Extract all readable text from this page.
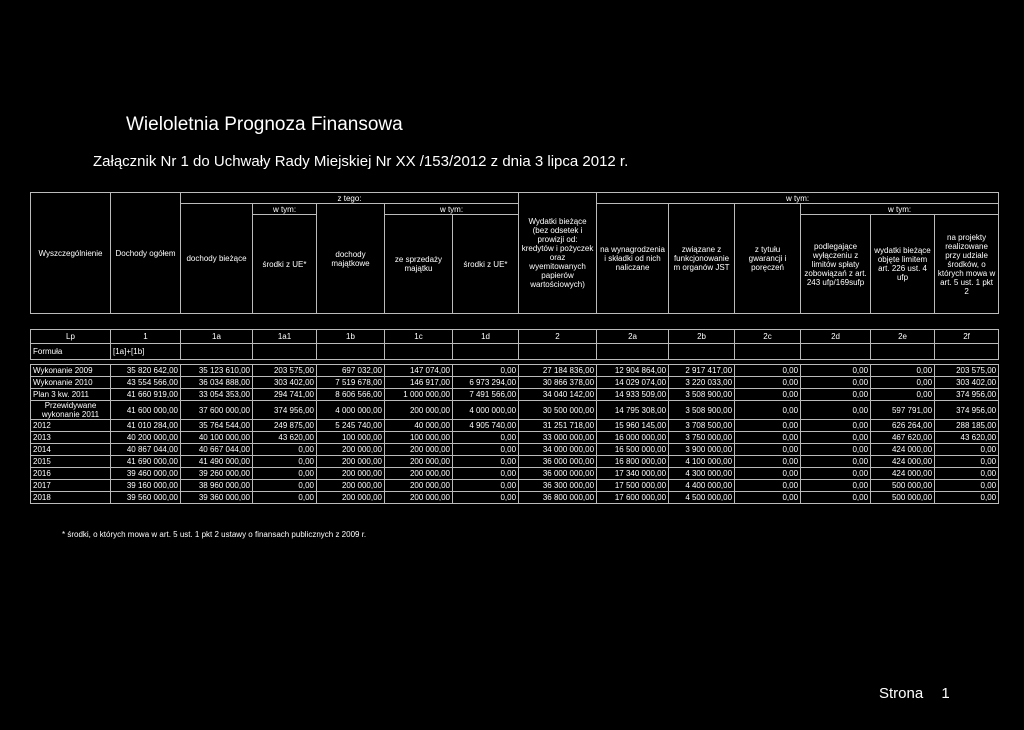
Wieloletnia Prognoza Finansowa
Załącznik Nr 1 do Uchwały Rady Miejskiej Nr XX /153/2012 z dnia 3 lipca 2012 r.
Wyszczególnienie	Dochody ogółem	z tego:					Wydatki bieżące (bez odsetek i prowizji od: kredytów i pożyczek oraz wyemitowanych papierów wartościowych)	w tym:					
		dochody bieżące	w tym:	dochody majątkowe	w tym:			na wynagrodzenia i składki od nich naliczane	związane z funkcjonowanie m organów JST	z tytułu gwarancji i poręczeń	w tym:		
			środki z UE*		ze sprzedaży majątku	środki z UE*					podlegające wyłączeniu z limitów spłaty zobowiązań z art. 243 ufp/169sufp	wydatki bieżące objęte limitem art. 226 ust. 4 ufp	na projekty realizowane przy udziale środków, o których mowa w art. 5 ust. 1 pkt 2

Lp	1	1a	1a1	1b	1c	1d	2	2a	2b	2c	2d	2e	2f
Formuła	[1a]+[1b]												

Wykonanie 2009	35 820 642,00	35 123 610,00	203 575,00	697 032,00	147 074,00	0,00	27 184 836,00	12 904 864,00	2 917 417,00	0,00	0,00	0,00	203 575,00
Wykonanie 2010	43 554 566,00	36 034 888,00	303 402,00	7 519 678,00	146 917,00	6 973 294,00	30 866 378,00	14 029 074,00	3 220 033,00	0,00	0,00	0,00	303 402,00
Plan 3 kw. 2011	41 660 919,00	33 054 353,00	294 741,00	8 606 566,00	1 000 000,00	7 491 566,00	34 040 142,00	14 933 509,00	3 508 900,00	0,00	0,00	0,00	374 956,00
Przewidywane wykonanie 2011	41 600 000,00	37 600 000,00	374 956,00	4 000 000,00	200 000,00	4 000 000,00	30 500 000,00	14 795 308,00	3 508 900,00	0,00	0,00	597 791,00	374 956,00
2012	41 010 284,00	35 764 544,00	249 875,00	5 245 740,00	40 000,00	4 905 740,00	31 251 718,00	15 960 145,00	3 708 500,00	0,00	0,00	626 264,00	288 185,00
2013	40 200 000,00	40 100 000,00	43 620,00	100 000,00	100 000,00	0,00	33 000 000,00	16 000 000,00	3 750 000,00	0,00	0,00	467 620,00	43 620,00
2014	40 867 044,00	40 667 044,00	0,00	200 000,00	200 000,00	0,00	34 000 000,00	16 500 000,00	3 900 000,00	0,00	0,00	424 000,00	0,00
2015	41 690 000,00	41 490 000,00	0,00	200 000,00	200 000,00	0,00	36 000 000,00	16 800 000,00	4 100 000,00	0,00	0,00	424 000,00	0,00
2016	39 460 000,00	39 260 000,00	0,00	200 000,00	200 000,00	0,00	36 000 000,00	17 340 000,00	4 300 000,00	0,00	0,00	424 000,00	0,00
2017	39 160 000,00	38 960 000,00	0,00	200 000,00	200 000,00	0,00	36 300 000,00	17 500 000,00	4 400 000,00	0,00	0,00	500 000,00	0,00
2018	39 560 000,00	39 360 000,00	0,00	200 000,00	200 000,00	0,00	36 800 000,00	17 600 000,00	4 500 000,00	0,00	0,00	500 000,00	0,00
* środki, o których mowa w art. 5 ust. 1 pkt 2 ustawy o finansach publicznych z 2009 r.
Strona 1
